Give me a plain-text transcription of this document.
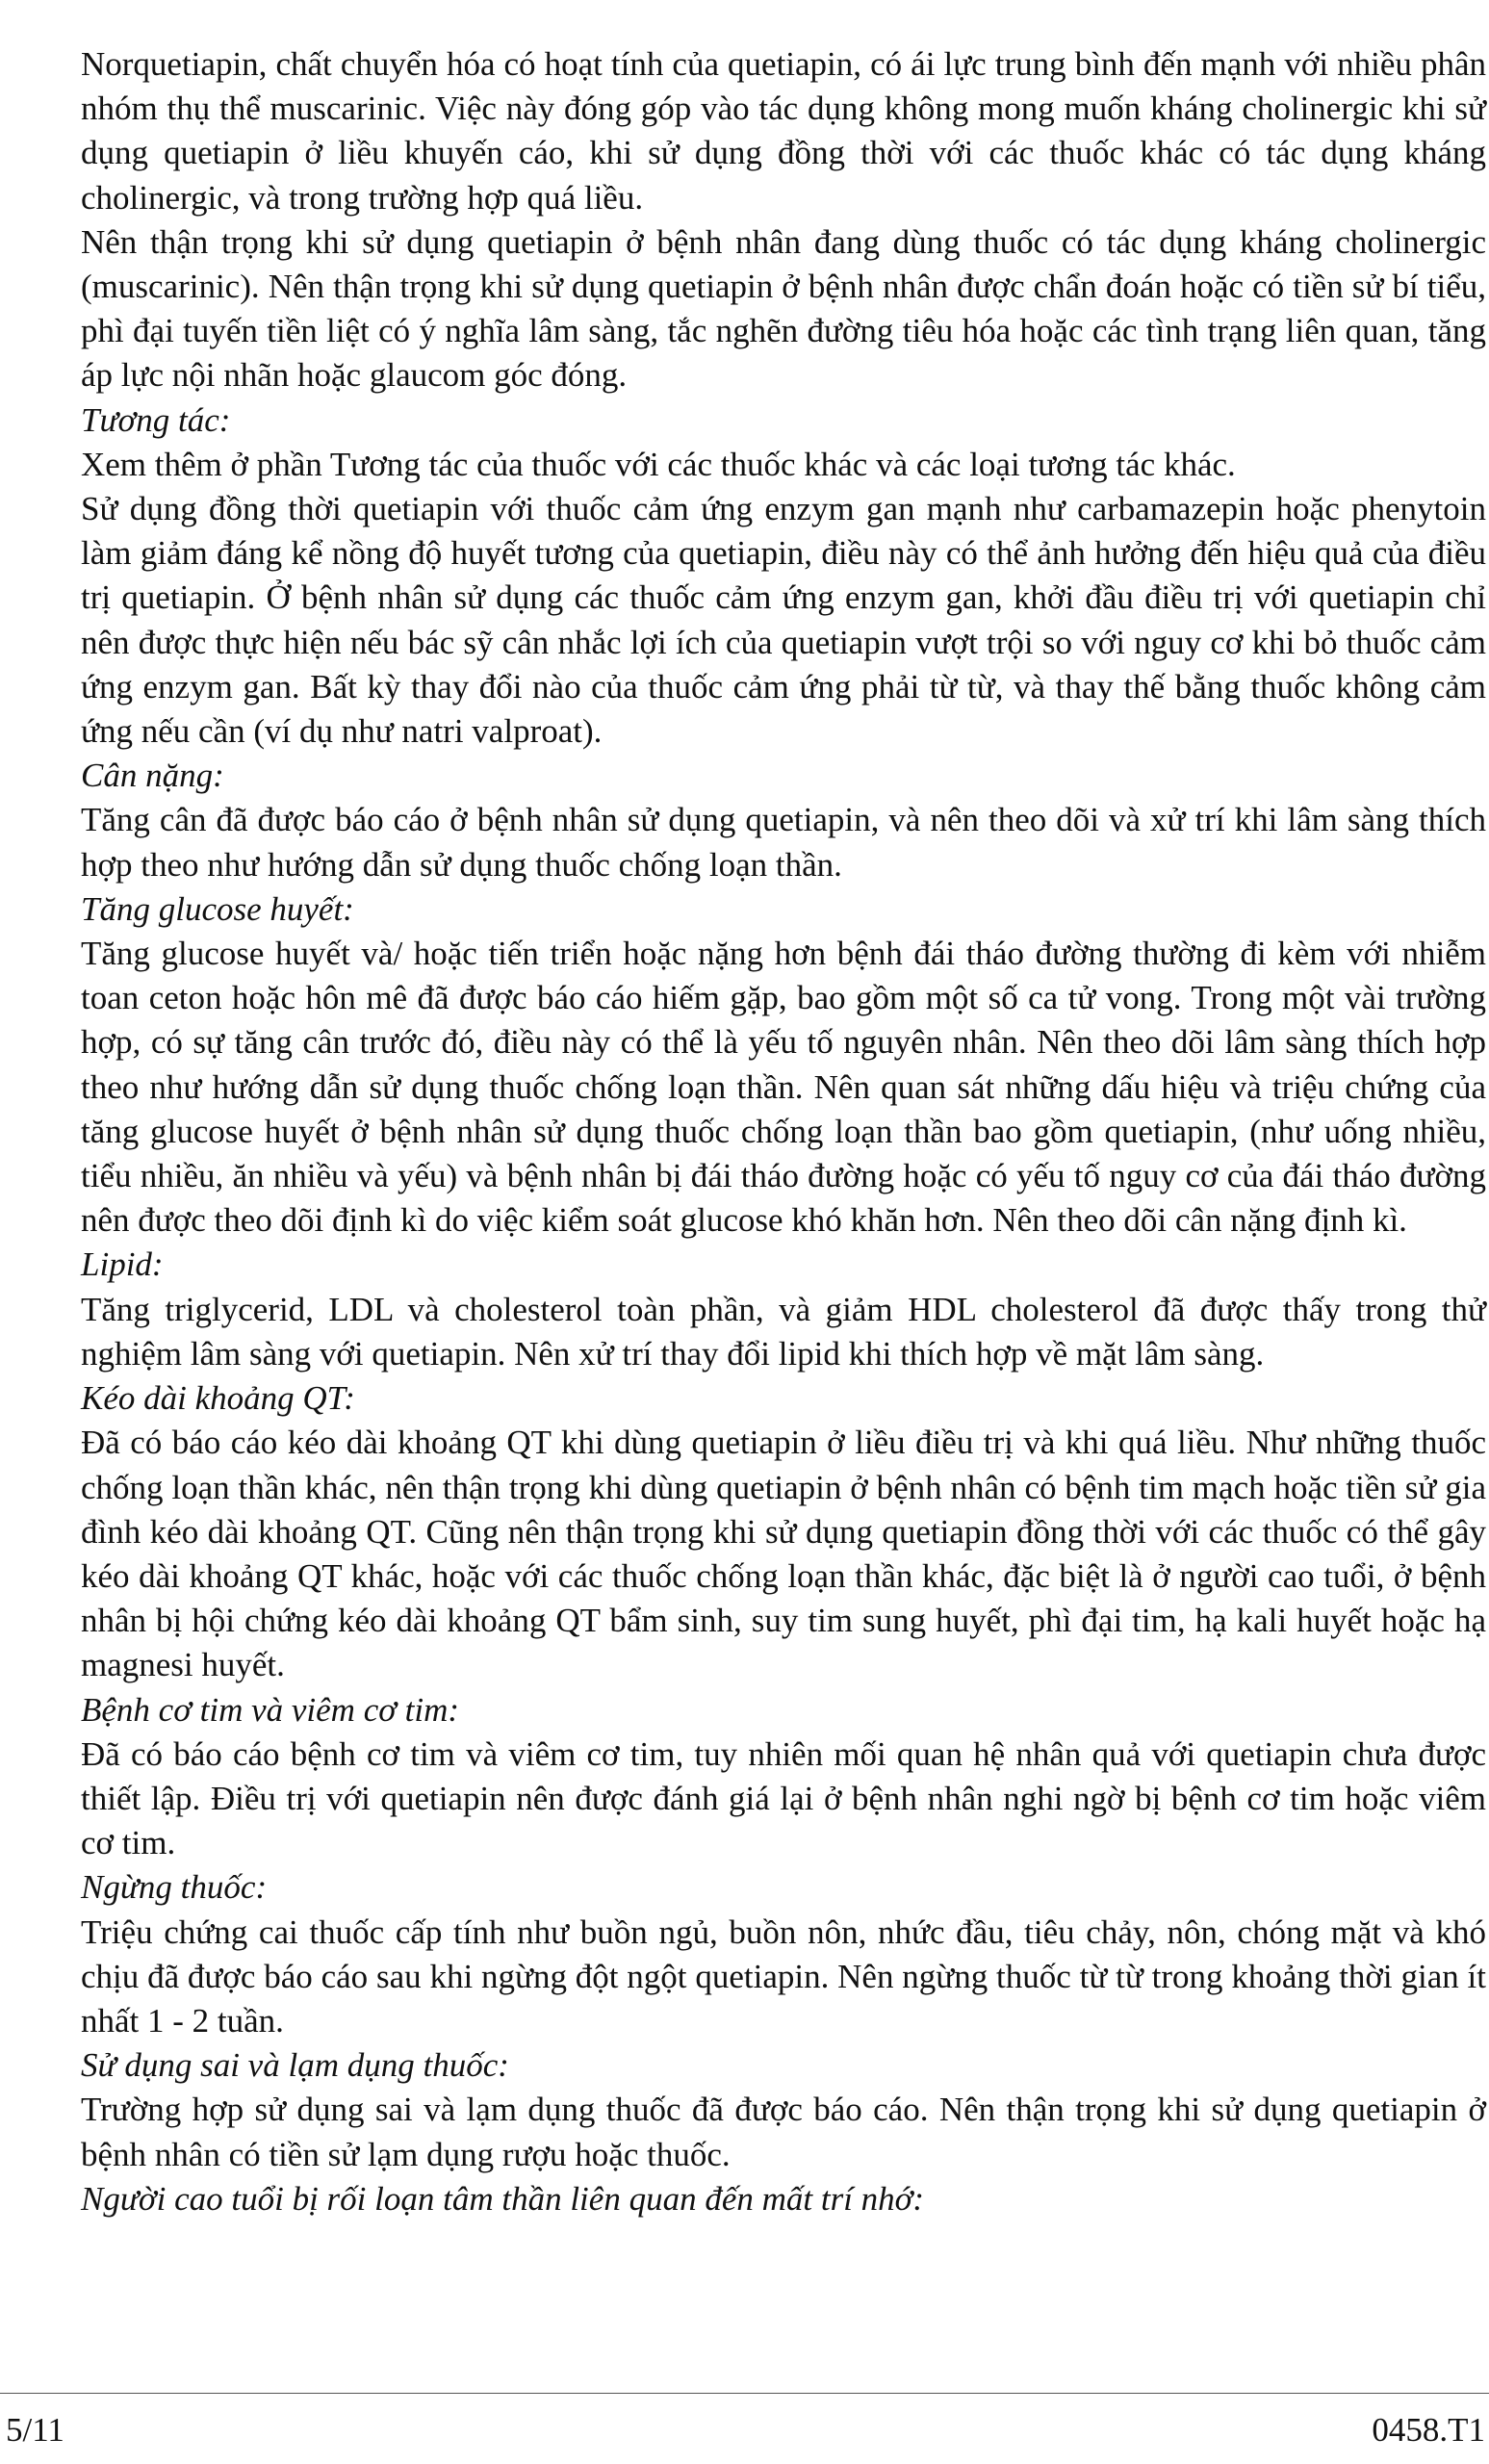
Norquetiapin, chất chuyển hóa có hoạt tính của quetiapin, có ái lực trung bình đến mạnh với nhiều phân nhóm thụ thể muscarinic. Việc này đóng góp vào tác dụng không mong muốn kháng cholinergic khi sử dụng quetiapin ở liều khuyến cáo, khi sử dụng đồng thời với các thuốc khác có tác dụng kháng cholinergic, và trong trường hợp quá liều.

Nên thận trọng khi sử dụng quetiapin ở bệnh nhân đang dùng thuốc có tác dụng kháng cholinergic (muscarinic). Nên thận trọng khi sử dụng quetiapin ở bệnh nhân được chẩn đoán hoặc có tiền sử bí tiểu, phì đại tuyến tiền liệt có ý nghĩa lâm sàng, tắc nghẽn đường tiêu hóa hoặc các tình trạng liên quan, tăng áp lực nội nhãn hoặc glaucom góc đóng.

Tương tác:

Xem thêm ở phần Tương tác của thuốc với các thuốc khác và các loại tương tác khác.

Sử dụng đồng thời quetiapin với thuốc cảm ứng enzym gan mạnh như carbamazepin hoặc phenytoin làm giảm đáng kể nồng độ huyết tương của quetiapin, điều này có thể ảnh hưởng đến hiệu quả của điều trị quetiapin. Ở bệnh nhân sử dụng các thuốc cảm ứng enzym gan, khởi đầu điều trị với quetiapin chỉ nên được thực hiện nếu bác sỹ cân nhắc lợi ích của quetiapin vượt trội so với nguy cơ khi bỏ thuốc cảm ứng enzym gan. Bất kỳ thay đổi nào của thuốc cảm ứng phải từ từ, và thay thế bằng thuốc không cảm ứng nếu cần (ví dụ như natri valproat).

Cân nặng:

Tăng cân đã được báo cáo ở bệnh nhân sử dụng quetiapin, và nên theo dõi và xử trí khi lâm sàng thích hợp theo như hướng dẫn sử dụng thuốc chống loạn thần.

Tăng glucose huyết:

Tăng glucose huyết và/ hoặc tiến triển hoặc nặng hơn bệnh đái tháo đường thường đi kèm với nhiễm toan ceton hoặc hôn mê đã được báo cáo hiếm gặp, bao gồm một số ca tử vong. Trong một vài trường hợp, có sự tăng cân trước đó, điều này có thể là yếu tố nguyên nhân. Nên theo dõi lâm sàng thích hợp theo như hướng dẫn sử dụng thuốc chống loạn thần. Nên quan sát những dấu hiệu và triệu chứng của tăng glucose huyết ở bệnh nhân sử dụng thuốc chống loạn thần bao gồm quetiapin, (như uống nhiều, tiểu nhiều, ăn nhiều và yếu) và bệnh nhân bị đái tháo đường hoặc có yếu tố nguy cơ của đái tháo đường nên được theo dõi định kì do việc kiểm soát glucose khó khăn hơn. Nên theo dõi cân nặng định kì.

Lipid:

Tăng triglycerid, LDL và cholesterol toàn phần, và giảm HDL cholesterol đã được thấy trong thử nghiệm lâm sàng với quetiapin. Nên xử trí thay đổi lipid khi thích hợp về mặt lâm sàng.

Kéo dài khoảng QT:

Đã có báo cáo kéo dài khoảng QT khi dùng quetiapin ở liều điều trị và khi quá liều. Như những thuốc chống loạn thần khác, nên thận trọng khi dùng quetiapin ở bệnh nhân có bệnh tim mạch hoặc tiền sử gia đình kéo dài khoảng QT. Cũng nên thận trọng khi sử dụng quetiapin đồng thời với các thuốc có thể gây kéo dài khoảng QT khác, hoặc với các thuốc chống loạn thần khác, đặc biệt là ở người cao tuổi, ở bệnh nhân bị hội chứng kéo dài khoảng QT bẩm sinh, suy tim sung huyết, phì đại tim, hạ kali huyết hoặc hạ magnesi huyết.

Bệnh cơ tim và viêm cơ tim:

Đã có báo cáo bệnh cơ tim và viêm cơ tim, tuy nhiên mối quan hệ nhân quả với quetiapin chưa được thiết lập. Điều trị với quetiapin nên được đánh giá lại ở bệnh nhân nghi ngờ bị bệnh cơ tim hoặc viêm cơ tim.

Ngừng thuốc:

Triệu chứng cai thuốc cấp tính như buồn ngủ, buồn nôn, nhức đầu, tiêu chảy, nôn, chóng mặt và khó chịu đã được báo cáo sau khi ngừng đột ngột quetiapin. Nên ngừng thuốc từ từ trong khoảng thời gian ít nhất 1 - 2 tuần.

Sử dụng sai và lạm dụng thuốc:

Trường hợp sử dụng sai và lạm dụng thuốc đã được báo cáo. Nên thận trọng khi sử dụng quetiapin ở bệnh nhân có tiền sử lạm dụng rượu hoặc thuốc.

Người cao tuổi bị rối loạn tâm thần liên quan đến mất trí nhớ:

5/11	0458.T1
